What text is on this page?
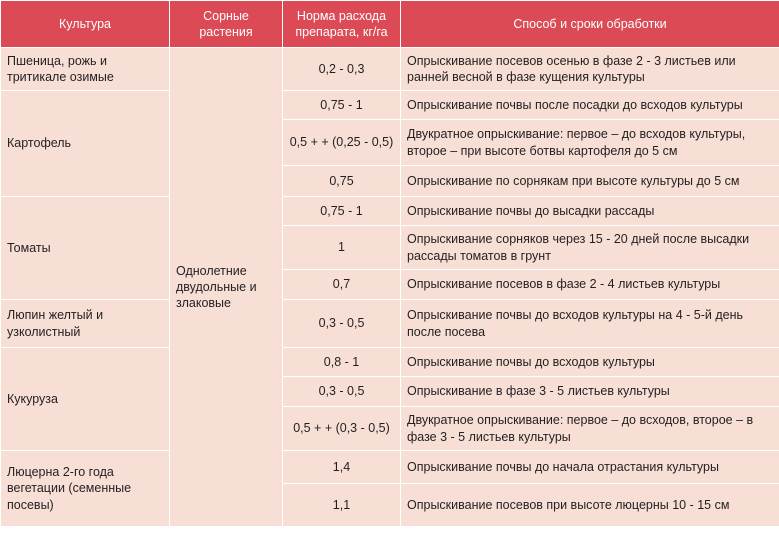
Культура	Сорные растения	Норма расхода препарата, кг/га	Способ и сроки обработки
Пшеница, рожь и тритикале озимые	Однолетние двудольные и злаковые	0,2 - 0,3	Опрыскивание посевов осенью в фазе 2 - 3 листьев или ранней весной в фазе кущения культуры
Картофель		0,75 - 1	Опрыскивание почвы после посадки до всходов культуры
		0,5 + + (0,25 - 0,5)	Двукратное опрыскивание: первое – до всходов культуры, второе – при высоте ботвы картофеля до 5 см
		0,75	Опрыскивание по сорнякам при высоте культуры до 5 см
Томаты		0,75 - 1	Опрыскивание почвы до высадки рассады
		1	Опрыскивание сорняков через 15 - 20 дней после высадки рассады томатов в грунт
		0,7	Опрыскивание посевов в фазе 2 - 4 листьев культуры
Люпин желтый и узколистный		0,3 - 0,5	Опрыскивание почвы до всходов культуры на 4 - 5-й день после посева
Кукуруза		0,8 - 1	Опрыскивание почвы до всходов культуры
		0,3 - 0,5	Опрыскивание в фазе 3 - 5 листьев культуры
		0,5 + + (0,3 - 0,5)	Двукратное опрыскивание: первое – до всходов, второе – в фазе 3 - 5 листьев культуры
Люцерна 2-го года вегетации (семенные посевы)		1,4	Опрыскивание почвы до начала отрастания культуры
		1,1	Опрыскивание посевов при высоте люцерны 10 - 15 см
